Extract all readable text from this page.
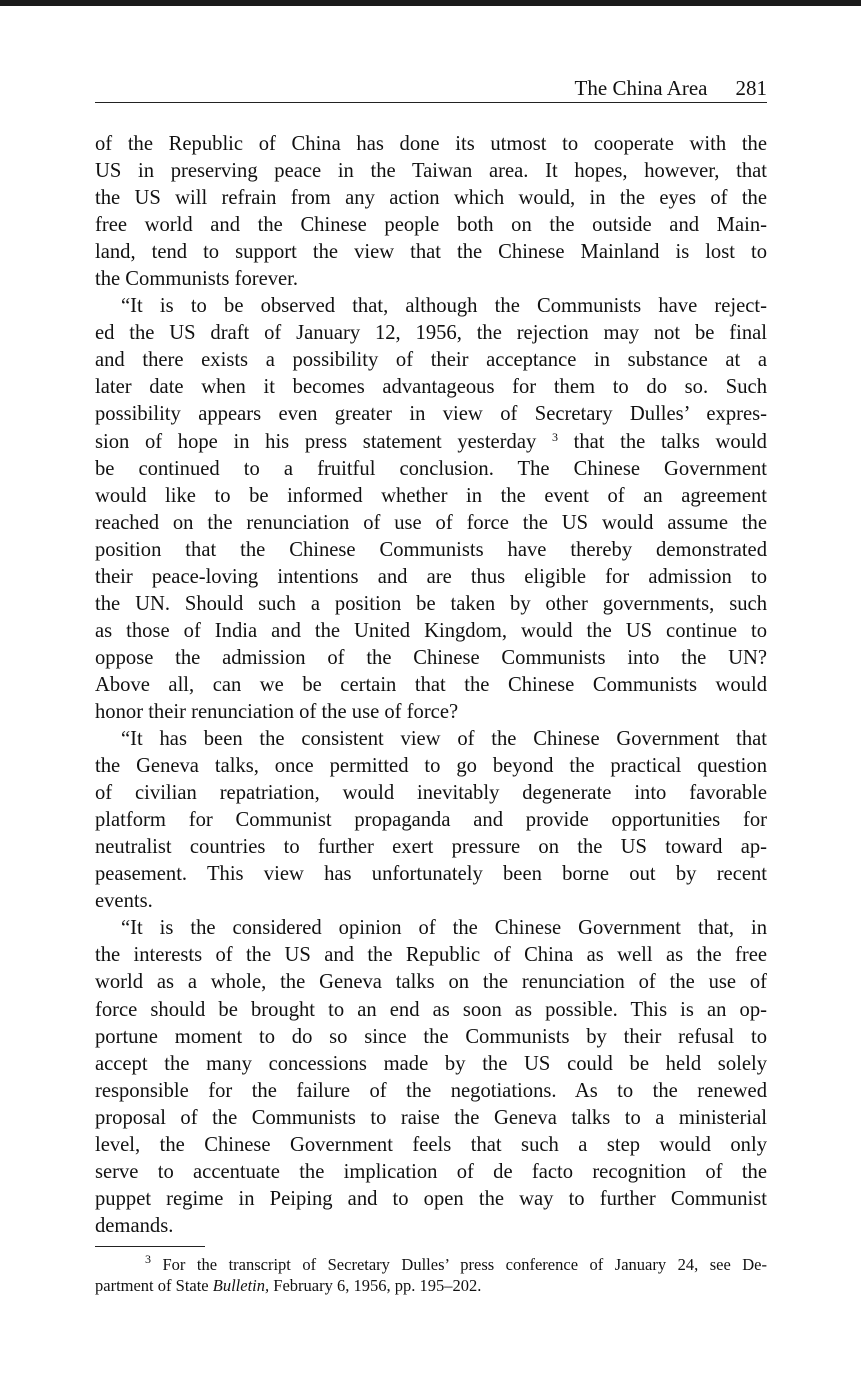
The China Area 281

of the Republic of China has done its utmost to cooperate with the
US in preserving peace in the Taiwan area. It hopes, however, that
the US will refrain from any action which would, in the eyes of the
free world and the Chinese people both on the outside and Main-
land, tend to support the view that the Chinese Mainland is lost to
the Communists forever.

“It is to be observed that, although the Communists have reject-
ed the US draft of January 12, 1956, the rejection may not be final
and there exists a possibility of their acceptance in substance at a
later date when it becomes advantageous for them to do so. Such
possibility appears even greater in view of Secretary Dulles’ expres-
sion of hope in his press statement yesterday $^3$ that the talks would
be continued to a fruitful conclusion. The Chinese Government
would like to be informed whether in the event of an agreement
reached on the renunciation of use of force the US would assume the
position that the Chinese Communists have thereby demonstrated
their peace-loving intentions and are thus eligible for admission to
the UN. Should such a position be taken by other governments, such
as those of India and the United Kingdom, would the US continue to
oppose the admission of the Chinese Communists into the UN?
Above all, can we be certain that the Chinese Communists would
honor their renunciation of the use of force?

“It has been the consistent view of the Chinese Government that
the Geneva talks, once permitted to go beyond the practical question
of civilian repatriation, would inevitably degenerate into favorable
platform for Communist propaganda and provide opportunities for
neutralist countries to further exert pressure on the US toward ap-
peasement. This view has unfortunately been borne out by recent
events.

“It is the considered opinion of the Chinese Government that, in
the interests of the US and the Republic of China as well as the free
world as a whole, the Geneva talks on the renunciation of the use of
force should be brought to an end as soon as possible. This is an op-
portune moment to do so since the Communists by their refusal to
accept the many concessions made by the US could be held solely
responsible for the failure of the negotiations. As to the renewed
proposal of the Communists to raise the Geneva talks to a ministerial
level, the Chinese Government feels that such a step would only
serve to accentuate the implication of de facto recognition of the
puppet regime in Peiping and to open the way to further Communist
demands.

$^3$ For the transcript of Secretary Dulles’ press conference of January 24, see De-
partment of State Bulletin, February 6, 1956, pp. 195–202.
